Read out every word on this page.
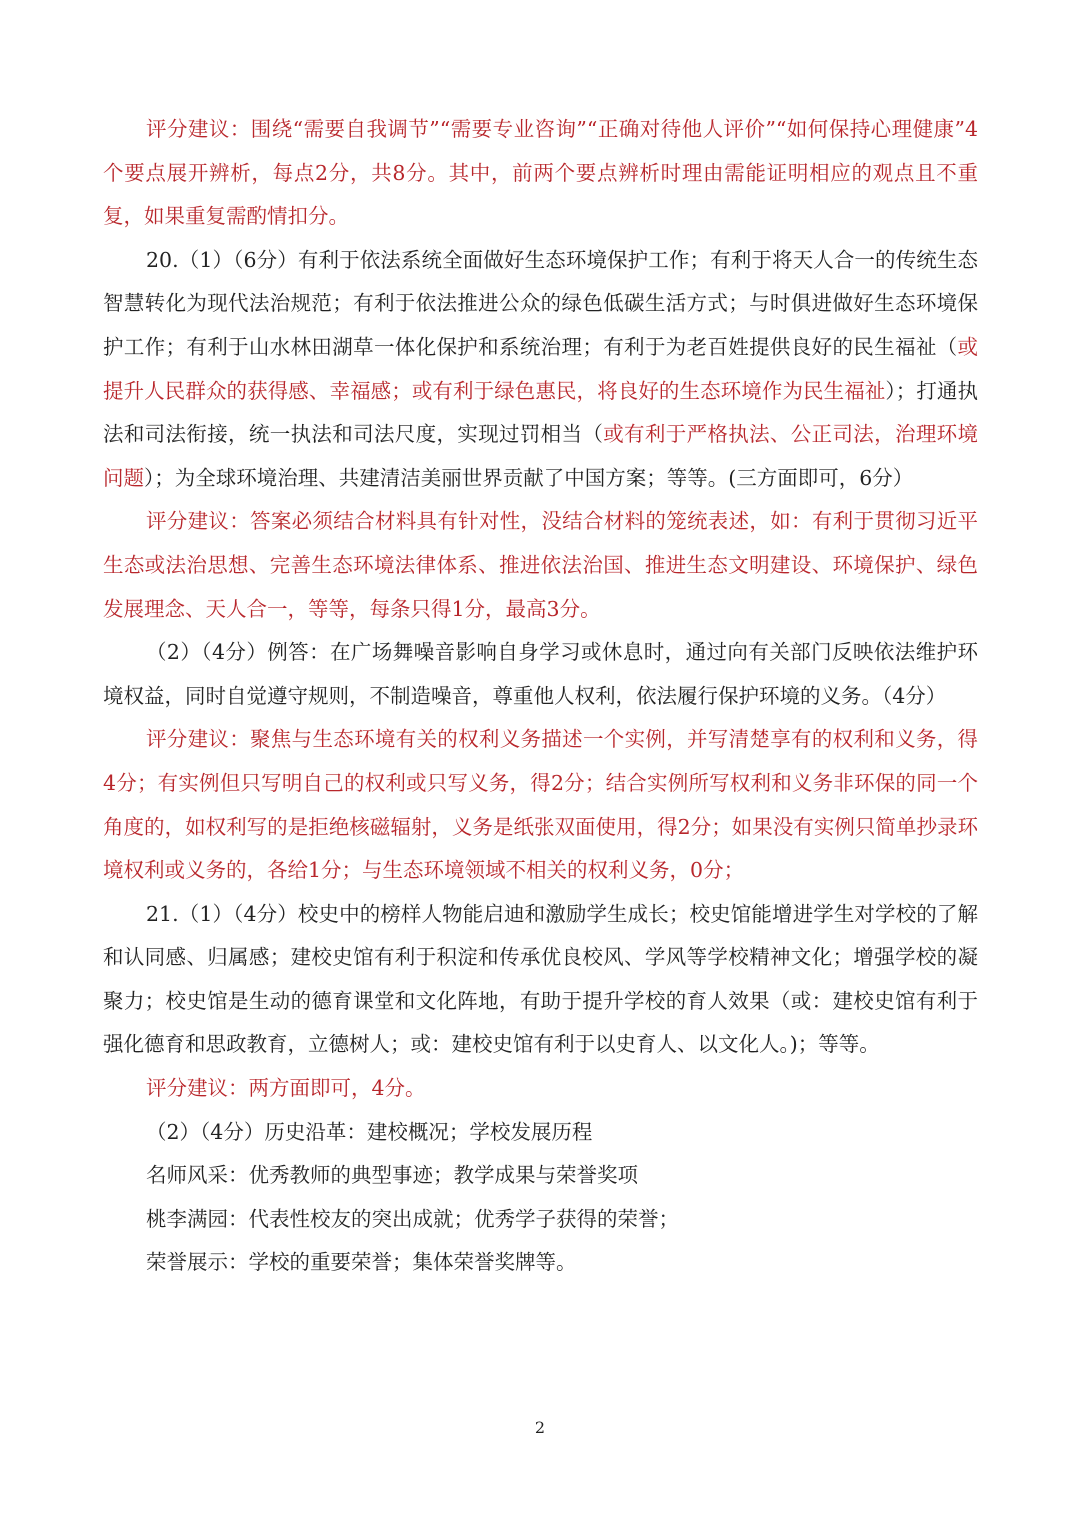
评分建议：围绕“需要自我调节”“需要专业咨询”“正确对待他人评价”“如何保持心理健康”4个要点展开辨析，每点2分，共8分。其中，前两个要点辨析时理由需能证明相应的观点且不重复，如果重复需酌情扣分。

20.（1）（6分）有利于依法系统全面做好生态环境保护工作；有利于将天人合一的传统生态智慧转化为现代法治规范；有利于依法推进公众的绿色低碳生活方式；与时俱进做好生态环境保护工作；有利于山水林田湖草一体化保护和系统治理；有利于为老百姓提供良好的民生福祉（或提升人民群众的获得感、幸福感；或有利于绿色惠民，将良好的生态环境作为民生福祉）；打通执法和司法衔接，统一执法和司法尺度，实现过罚相当（或有利于严格执法、公正司法，治理环境问题）；为全球环境治理、共建清洁美丽世界贡献了中国方案；等等。(三方面即可，6分）

评分建议：答案必须结合材料具有针对性，没结合材料的笼统表述，如：有利于贯彻习近平生态或法治思想、完善生态环境法律体系、推进依法治国、推进生态文明建设、环境保护、绿色发展理念、天人合一，等等，每条只得1分，最高3分。

（2）（4分）例答：在广场舞噪音影响自身学习或休息时，通过向有关部门反映依法维护环境权益，同时自觉遵守规则，不制造噪音，尊重他人权利，依法履行保护环境的义务。（4分）

评分建议：聚焦与生态环境有关的权利义务描述一个实例，并写清楚享有的权利和义务，得4分；有实例但只写明自己的权利或只写义务，得2分；结合实例所写权利和义务非环保的同一个角度的，如权利写的是拒绝核磁辐射，义务是纸张双面使用，得2分；如果没有实例只简单抄录环境权利或义务的，各给1分；与生态环境领域不相关的权利义务，0分；

21.（1）（4分）校史中的榜样人物能启迪和激励学生成长；校史馆能增进学生对学校的了解和认同感、归属感；建校史馆有利于积淀和传承优良校风、学风等学校精神文化；增强学校的凝聚力；校史馆是生动的德育课堂和文化阵地，有助于提升学校的育人效果（或：建校史馆有利于强化德育和思政教育，立德树人；或：建校史馆有利于以史育人、以文化人。)；等等。

评分建议：两方面即可，4分。

（2）（4分）历史沿革：建校概况；学校发展历程

名师风采：优秀教师的典型事迹；教学成果与荣誉奖项

桃李满园：代表性校友的突出成就；优秀学子获得的荣誉；

荣誉展示：学校的重要荣誉；集体荣誉奖牌等。

2
